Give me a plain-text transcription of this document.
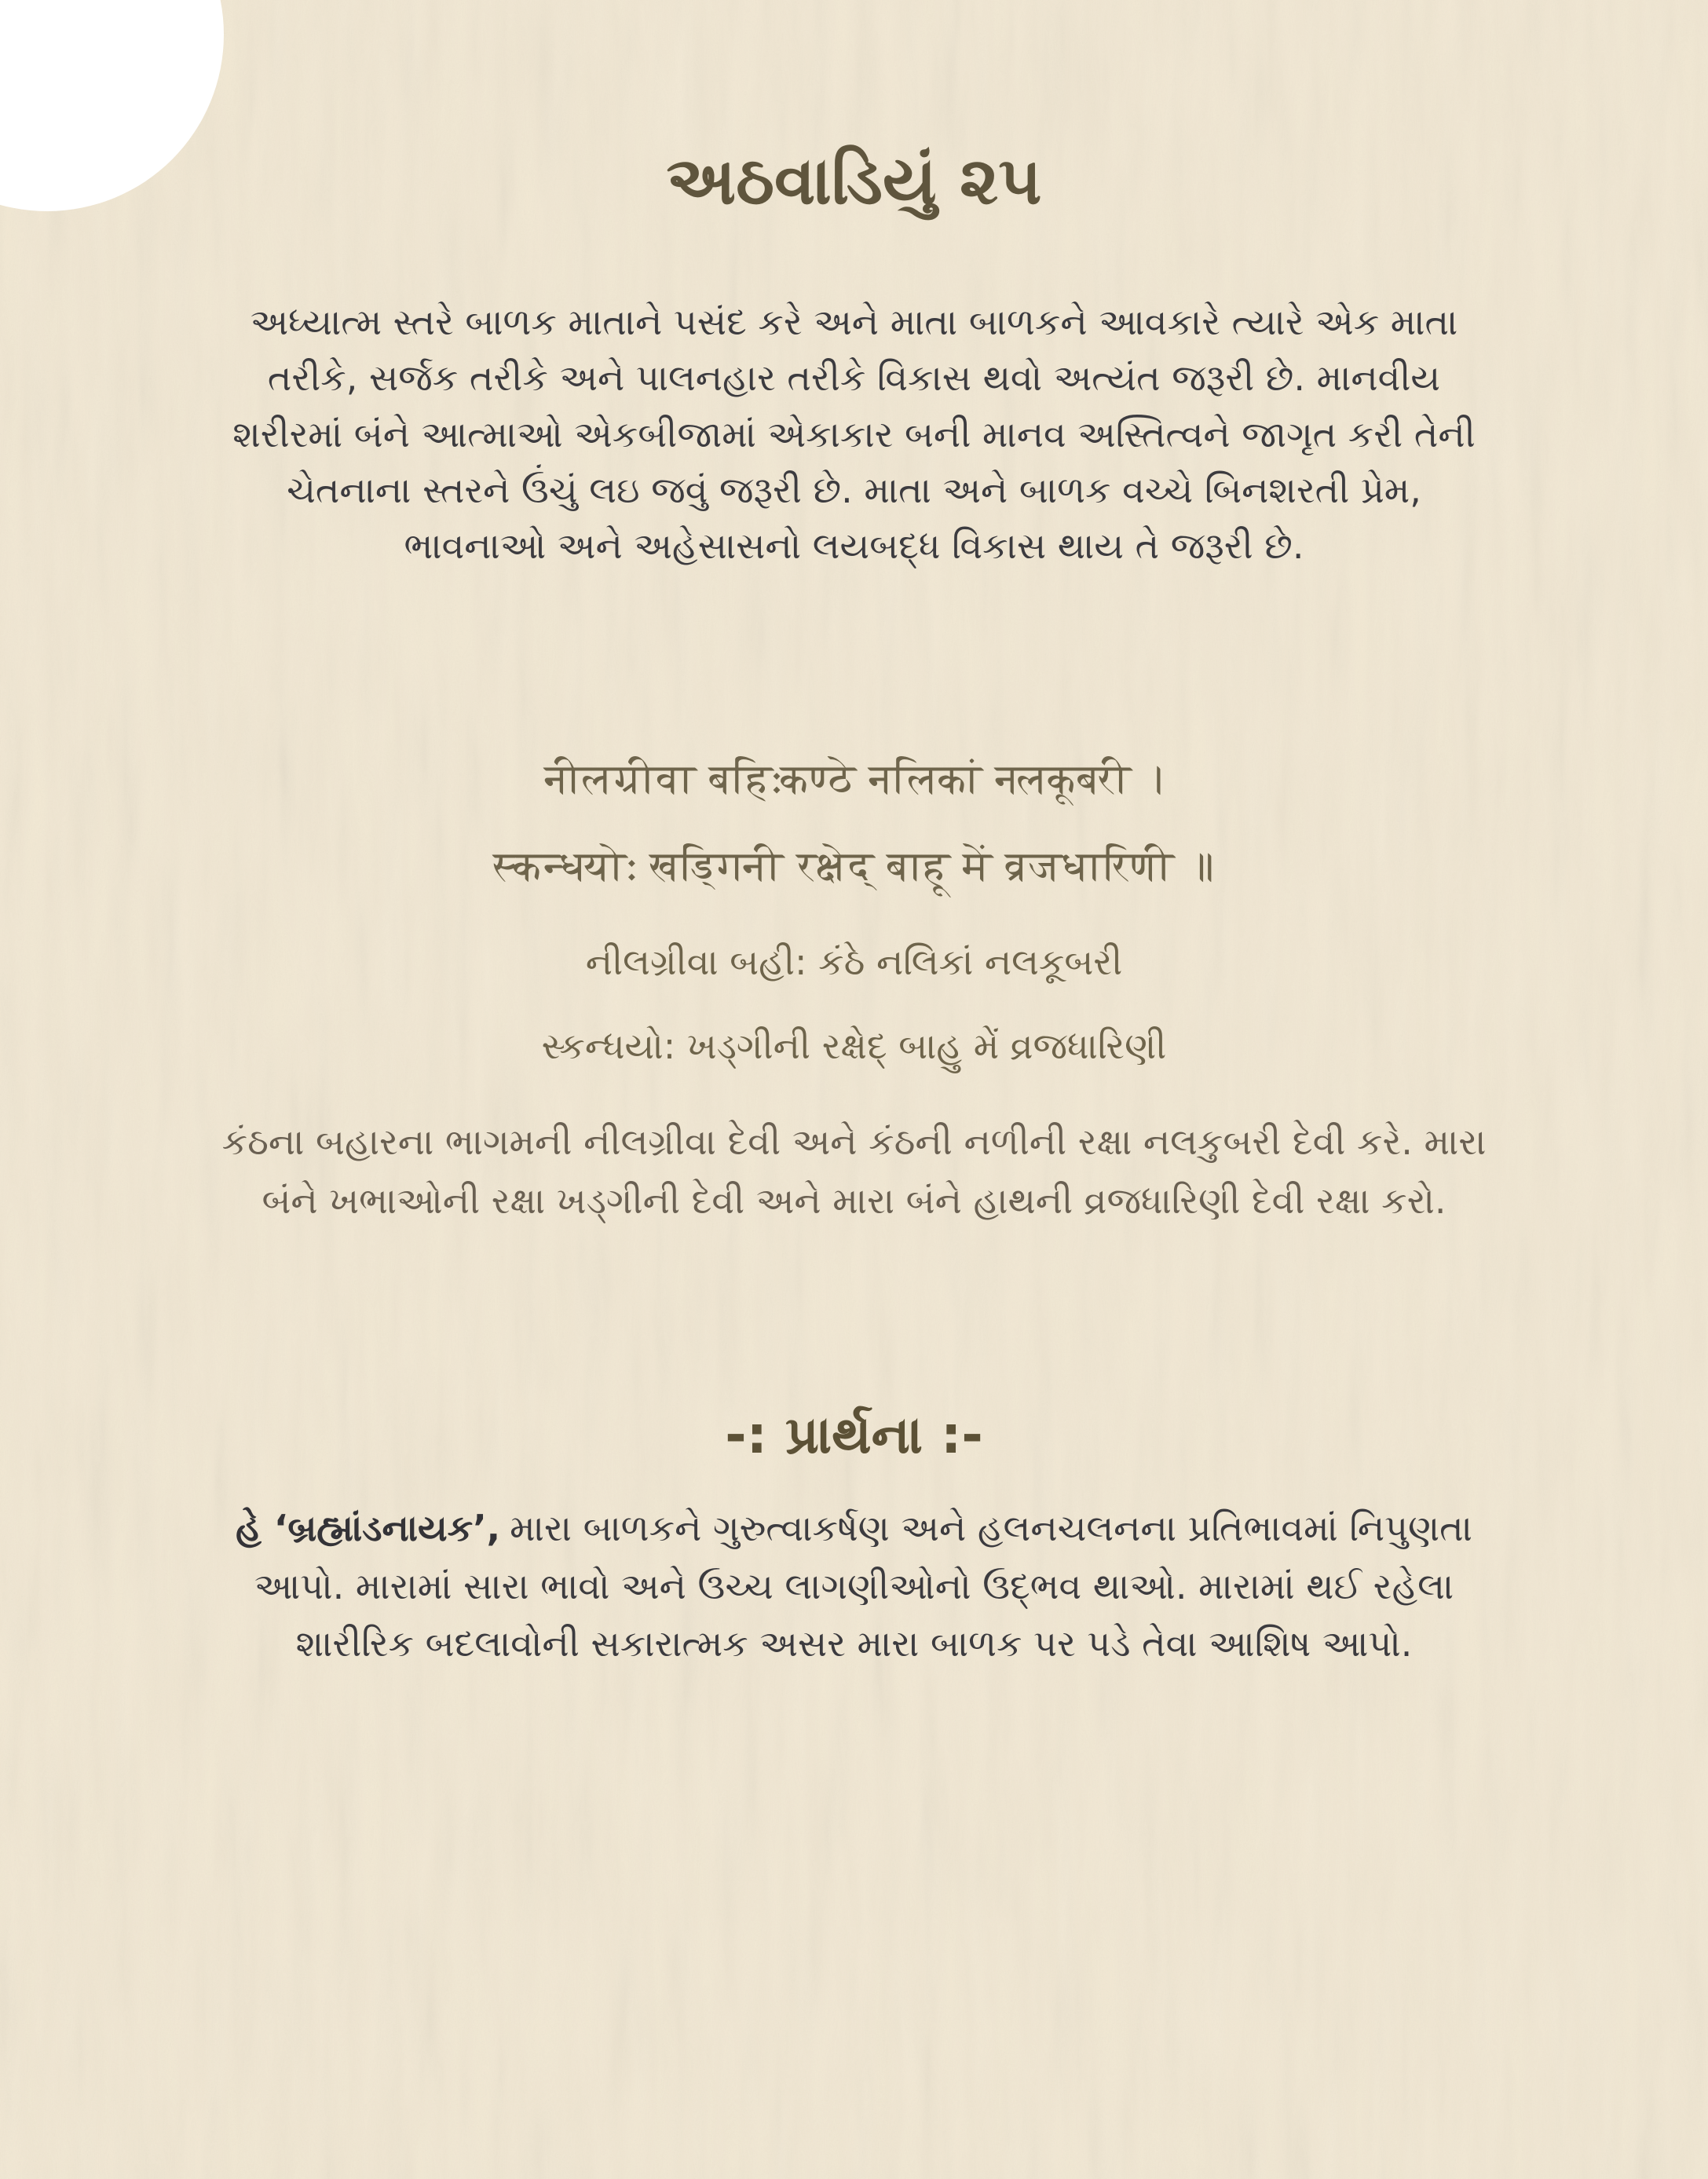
અઠવાડિયું ૨૫

અધ્યાત્મ સ્તરે બાળક માતાને પસંદ કરે અને માતા બાળકને આવકારે ત્યારે એક માતા તરીકે, સર્જક તરીકે અને પાલનહાર તરીકે વિકાસ થવો અત્યંત જરૂરી છે. માનવીય શરીરમાં બંને આત્માઓ એકબીજામાં એકાકાર બની માનવ અસ્તિત્વને જાગૃત કરી તેની ચેતનાના સ્તરને ઉંચું લઇ જવું જરૂરી છે. માતા અને બાળક વચ્ચે બિનશરતી પ્રેમ, ભાવનાઓ અને અહેસાસનો લયબદ્ધ વિકાસ થાય તે જરૂરી છે.

नीलग्रीवा बहिःकण्ठे नलिकां नलकूबरी ।

स्कन्धयोः खड्गिनी रक्षेद् बाहू में व्रजधारिणी ॥

નીલગ્રીવા બહી: કંઠે નલિકાં નલકૂબરી

સ્કન્ધયો: ખડ્ગીની રક્ષેદ્ બાહુ મેં વ્રજધારિણી

કંઠના બહારના ભાગમની નીલગ્રીવા દેવી અને કંઠની નળીની રક્ષા નલકુબરી દેવી કરે. મારા બંને ખભાઓની રક્ષા ખડ્ગીની દેવી અને મારા બંને હાથની વ્રજધારિણી દેવી રક્ષા કરો.

-: પ્રાર્થના :-

હે ‘બ્રહ્માંડનાયક’, મારા બાળકને ગુરુત્વાકર્ષણ અને હલનચલનના પ્રતિભાવમાં નિપુણતા આપો. મારામાં સારા ભાવો અને ઉચ્ચ લાગણીઓનો ઉદ્ભવ થાઓ. મારામાં થઈ રહેલા શારીરિક બદલાવોની સકારાત્મક અસર મારા બાળક પર પડે તેવા આશિષ આપો.
